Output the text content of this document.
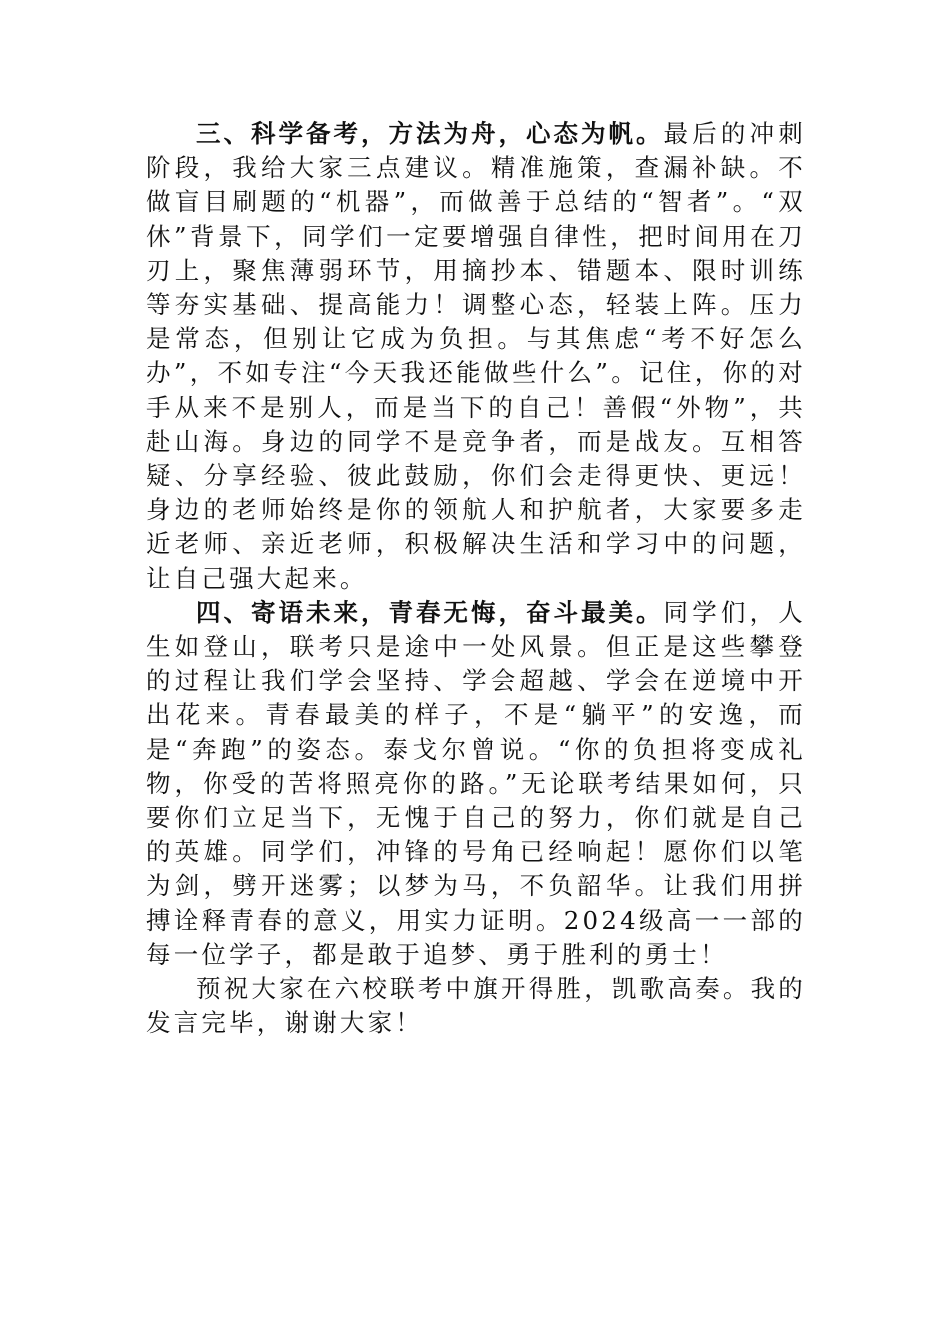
三、科学备考，方法为舟，心态为帆。最后的冲刺阶段，我给大家三点建议。精准施策，查漏补缺。不做盲目刷题的“机器”，而做善于总结的“智者”。“双休”背景下，同学们一定要增强自律性，把时间用在刀刃上，聚焦薄弱环节，用摘抄本、错题本、限时训练等夯实基础、提高能力！调整心态，轻装上阵。压力是常态，但别让它成为负担。与其焦虑“考不好怎么办”，不如专注“今天我还能做些什么”。记住，你的对手从来不是别人，而是当下的自己！善假“外物”，共赴山海。身边的同学不是竞争者，而是战友。互相答疑、分享经验、彼此鼓励，你们会走得更快、更远！身边的老师始终是你的领航人和护航者，大家要多走近老师、亲近老师，积极解决生活和学习中的问题，让自己强大起来。

四、寄语未来，青春无悔，奋斗最美。同学们，人生如登山，联考只是途中一处风景。但正是这些攀登的过程让我们学会坚持、学会超越、学会在逆境中开出花来。青春最美的样子，不是“躺平”的安逸，而是“奔跑”的姿态。泰戈尔曾说。“你的负担将变成礼物，你受的苦将照亮你的路。”无论联考结果如何，只要你们立足当下，无愧于自己的努力，你们就是自己的英雄。同学们，冲锋的号角已经响起！愿你们以笔为剑，劈开迷雾；以梦为马，不负韶华。让我们用拼搏诠释青春的意义，用实力证明。2024级高一一部的每一位学子，都是敢于追梦、勇于胜利的勇士！

预祝大家在六校联考中旗开得胜，凯歌高奏。我的发言完毕，谢谢大家！
